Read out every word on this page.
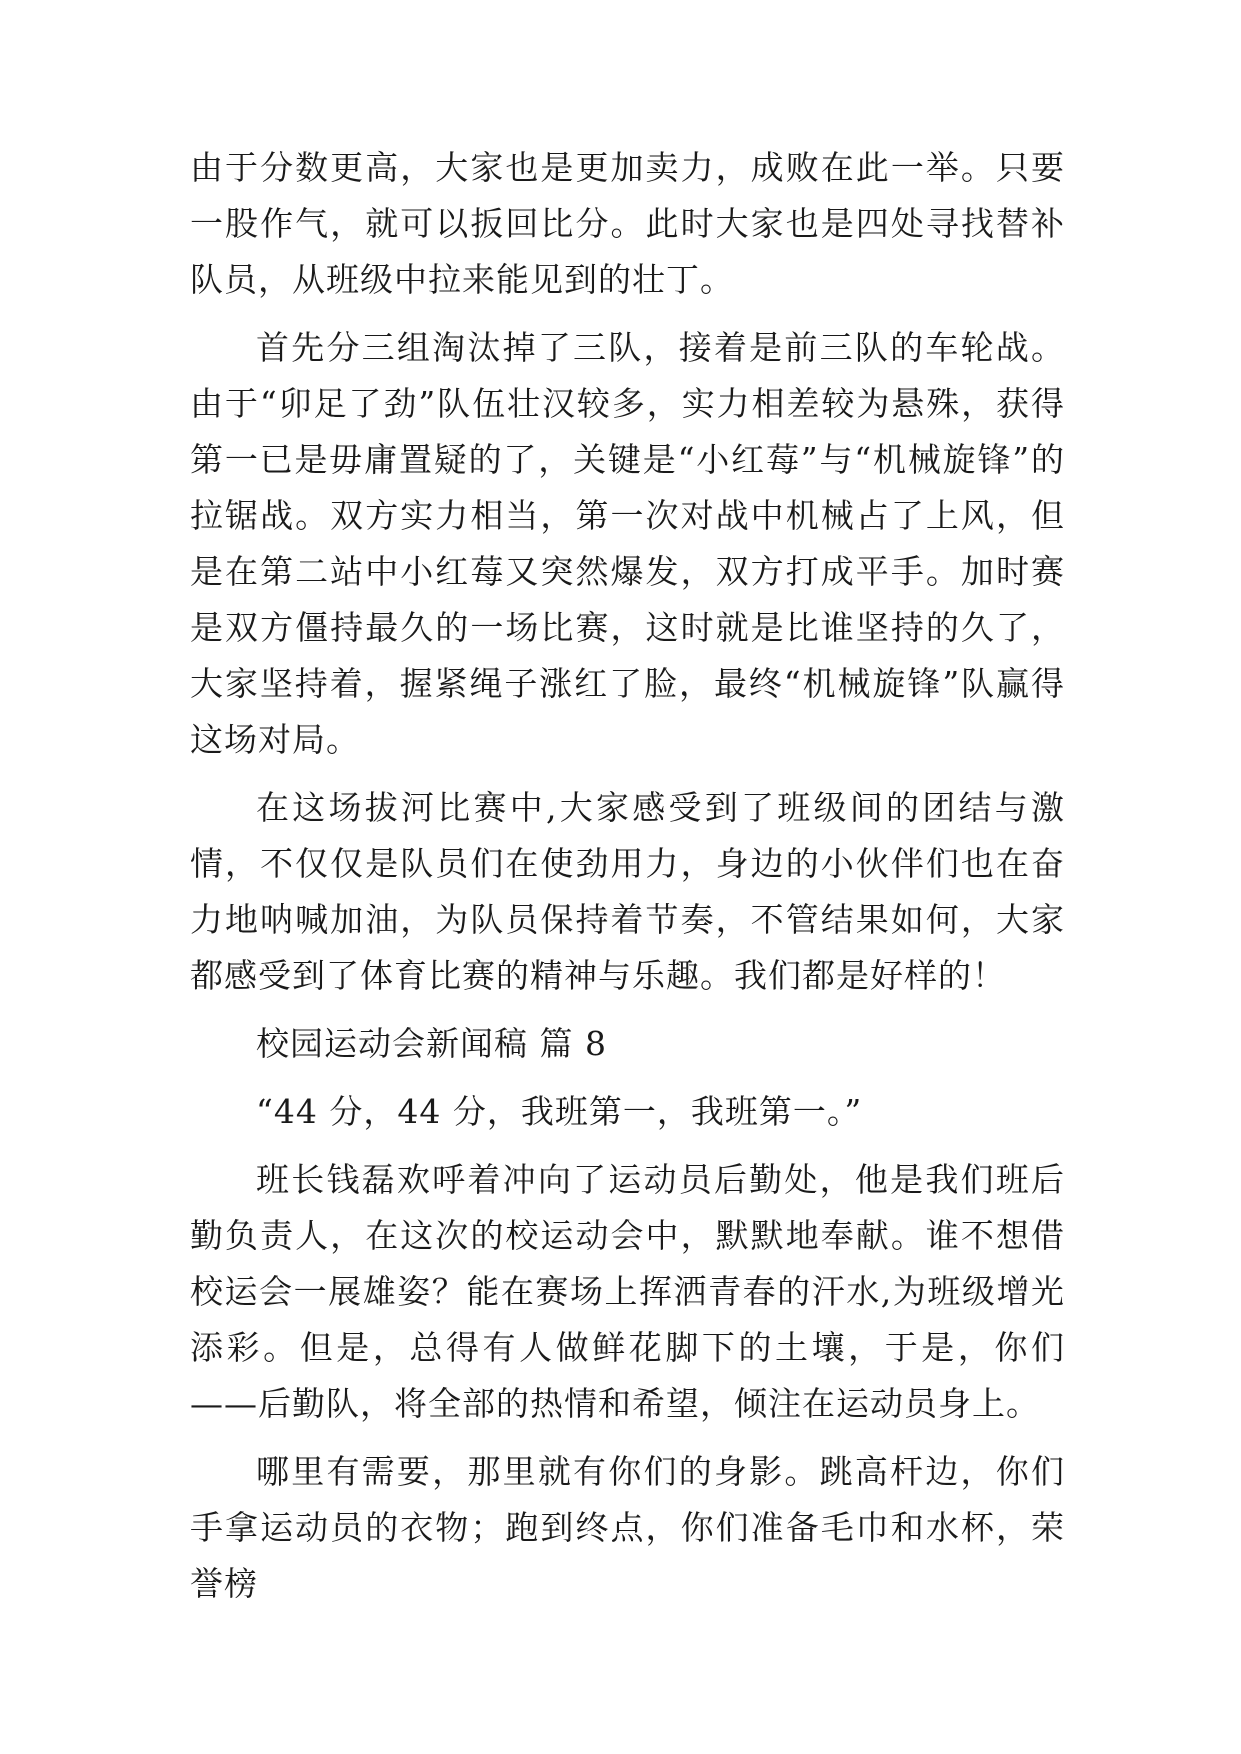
由于分数更高，大家也是更加卖力，成败在此一举。只要一股作气，就可以扳回比分。此时大家也是四处寻找替补队员，从班级中拉来能见到的壮丁。

首先分三组淘汰掉了三队，接着是前三队的车轮战。由于“卯足了劲”队伍壮汉较多，实力相差较为悬殊，获得第一已是毋庸置疑的了，关键是“小红莓”与“机械旋锋”的拉锯战。双方实力相当，第一次对战中机械占了上风，但是在第二站中小红莓又突然爆发，双方打成平手。加时赛是双方僵持最久的一场比赛，这时就是比谁坚持的久了，大家坚持着，握紧绳子涨红了脸，最终“机械旋锋”队赢得这场对局。

在这场拔河比赛中,大家感受到了班级间的团结与激情，不仅仅是队员们在使劲用力，身边的小伙伴们也在奋力地呐喊加油，为队员保持着节奏，不管结果如何，大家都感受到了体育比赛的精神与乐趣。我们都是好样的！

校园运动会新闻稿 篇 8

“44 分，44 分，我班第一，我班第一。”

班长钱磊欢呼着冲向了运动员后勤处，他是我们班后勤负责人，在这次的校运动会中，默默地奉献。谁不想借校运会一展雄姿？能在赛场上挥洒青春的汗水,为班级增光添彩。但是，总得有人做鲜花脚下的土壤，于是，你们——后勤队，将全部的热情和希望，倾注在运动员身上。

哪里有需要，那里就有你们的身影。跳高杆边，你们手拿运动员的衣物；跑到终点，你们准备毛巾和水杯，荣誉榜
